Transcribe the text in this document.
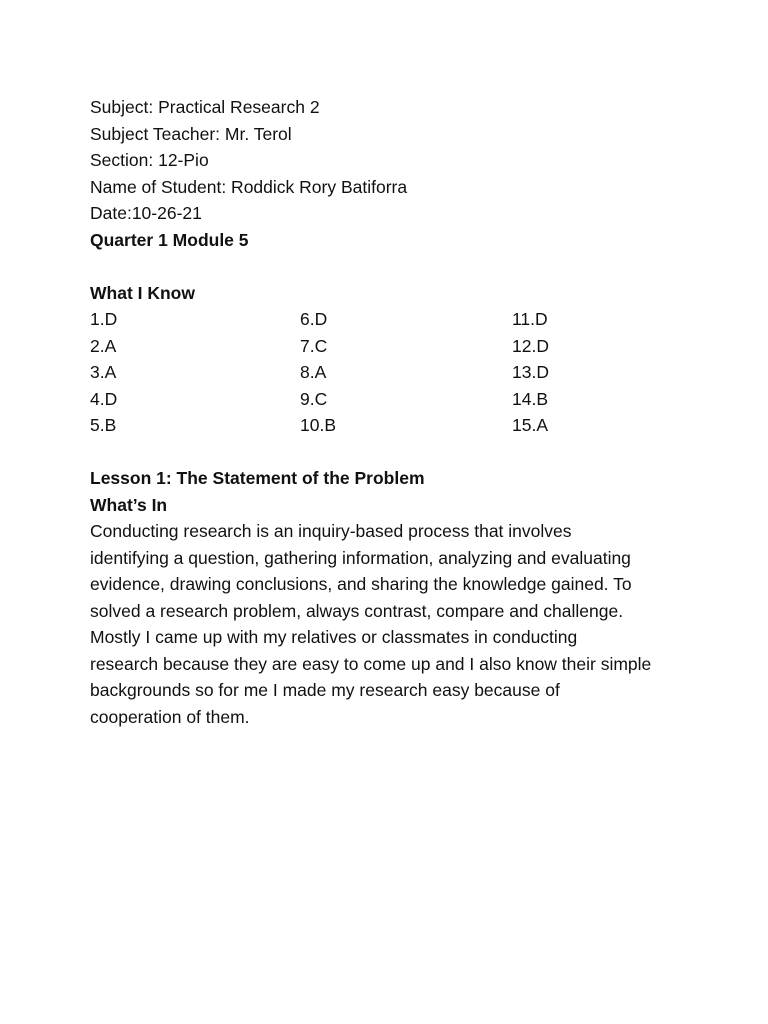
Subject: Practical Research 2
Subject Teacher: Mr. Terol
Section: 12-Pio
Name of Student: Roddick Rory Batiforra
Date:10-26-21
Quarter 1 Module 5
What I Know
1.D	6.D	11.D
2.A	7.C	12.D
3.A	8.A	13.D
4.D	9.C	14.B
5.B	10.B	15.A
Lesson 1: The Statement of the Problem
What’s In
Conducting research is an inquiry-based process that involves
identifying a question, gathering information, analyzing and evaluating
evidence, drawing conclusions, and sharing the knowledge gained. To
solved a research problem, always contrast, compare and challenge.
Mostly I came up with my relatives or classmates in conducting
research because they are easy to come up and I also know their simple
backgrounds so for me I made my research easy because of
cooperation of them.
